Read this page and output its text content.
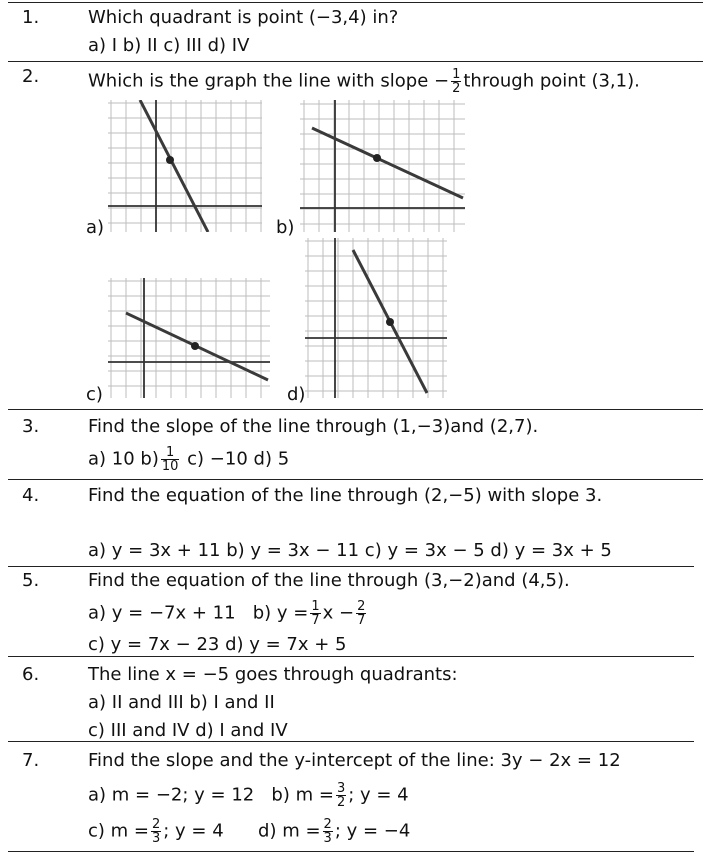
1.	Which quadrant is point (−3,4) in?
a) I b) II c) III d) IV
2.	Which is the graph the line with slope − $\frac{1}{2}$ through point (3,1).
a)	b)
c)	d)
3.	Find the slope of the line through (1,−3)and (2,7).
a) 10 $b) \frac{1}{10} c) -10$ d) 5
4.	Find the equation of the line through (2,−5) with slope 3.
a) y = 3x + 11 b) y = 3x − 11 c) y = 3x − 5 d) y = 3x + 5
5.	Find the equation of the line through (3,−2)and (4,5).
a) y = −7x + 11 b) $y = \frac{1}{7}$ $x - \frac{2}{7}$
c) y = 7x − 23 d) y = 7x + 5
6.	The line x = −5 goes through quadrants:
a) II and III b) I and II
c) III and IV d) I and IV
7.	Find the slope and the y-intercept of the line: 3y − 2x = 12
a) m = −2; y = 12 b) $m = \frac{3}{2}$ ; y = 4
c) $m = \frac{2}{3}$ ; y = 4 d) $m = \frac{2}{3}$ ; y = −4
